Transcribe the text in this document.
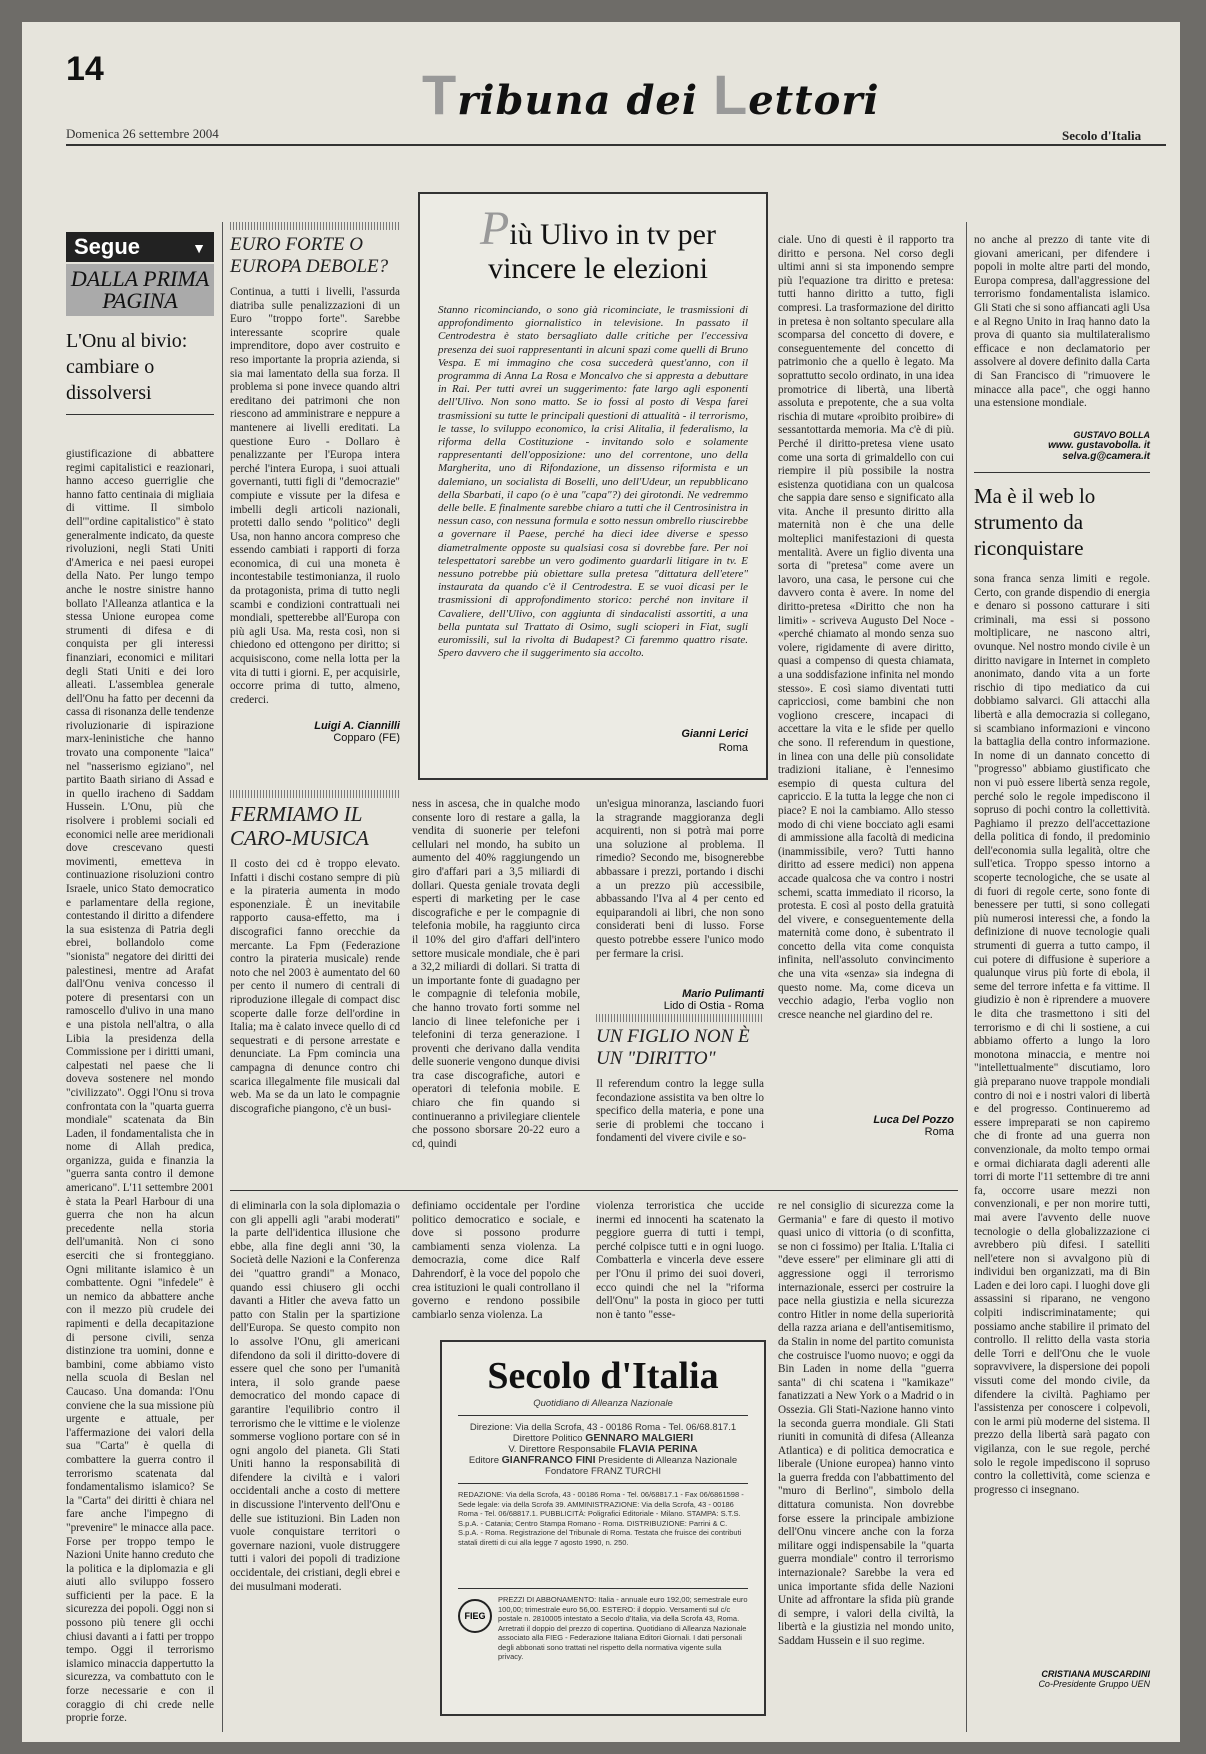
14	Tribuna dei Lettori
Domenica 26 settembre 2004	Secolo d'Italia
Segue	▼
DALLA PRIMA PAGINA
L'Onu al bivio: cambiare o dissolversi

giustificazione di abbattere regimi capitalistici e reazionari, hanno acceso guerriglie che hanno fatto centinaia di migliaia di vittime. Il simbolo dell'"ordine capitalistico" è stato generalmente indicato, da queste rivoluzioni, negli Stati Uniti d'America e nei paesi europei della Nato. Per lungo tempo anche le nostre sinistre hanno bollato l'Alleanza atlantica e la stessa Unione europea come strumenti di difesa e di conquista per gli interessi finanziari, economici e militari degli Stati Uniti e dei loro alleati. L'assemblea generale dell'Onu ha fatto per decenni da cassa di risonanza delle tendenze rivoluzionarie di ispirazione marx-leninistiche che hanno trovato una componente "laica" nel "nasserismo egiziano", nel partito Baath siriano di Assad e in quello iracheno di Saddam Hussein. L'Onu, più che risolvere i problemi sociali ed economici nelle aree meridionali dove crescevano questi movimenti, emetteva in continuazione risoluzioni contro Israele, unico Stato democratico e parlamentare della regione, contestando il diritto a difendere la sua esistenza di Patria degli ebrei, bollandolo come "sionista" negatore dei diritti dei palestinesi, mentre ad Arafat dall'Onu veniva concesso il potere di presentarsi con un ramoscello d'ulivo in una mano e una pistola nell'altra, o alla Libia la presidenza della Commissione per i diritti umani, calpestati nel paese che li doveva sostenere nel mondo "civilizzato". Oggi l'Onu si trova confrontata con la "quarta guerra mondiale" scatenata da Bin Laden, il fondamentalista che in nome di Allah predica, organizza, guida e finanzia la "guerra santa contro il demone americano". L'11 settembre 2001 è stata la Pearl Harbour di una guerra che non ha alcun precedente nella storia dell'umanità. Non ci sono eserciti che si fronteggiano. Ogni militante islamico è un combattente. Ogni "infedele" è un nemico da abbattere anche con il mezzo più crudele dei rapimenti e della decapitazione di persone civili, senza distinzione tra uomini, donne e bambini, come abbiamo visto nella scuola di Beslan nel Caucaso. Una domanda: l'Onu conviene che la sua missione più urgente e attuale, per l'affermazione dei valori della sua "Carta" è quella di combattere la guerra contro il terrorismo scatenata dal fondamentalismo islamico? Se la "Carta" dei diritti è chiara nel fare anche l'impegno di "prevenire" le minacce alla pace. Forse per troppo tempo le Nazioni Unite hanno creduto che la politica e la diplomazia e gli aiuti allo sviluppo fossero sufficienti per la pace. E la sicurezza dei popoli. Oggi non si possono più tenere gli occhi chiusi davanti a i fatti per troppo tempo. Oggi il terrorismo islamico minaccia dappertutto la sicurezza, va combattuto con le forze necessarie e con il coraggio di chi crede nelle proprie forze.

EURO FORTE O EUROPA DEBOLE?

Continua, a tutti i livelli, l'assurda diatriba sulle penalizzazioni di un Euro "troppo forte". Sarebbe interessante scoprire quale imprenditore, dopo aver costruito e reso importante la propria azienda, si sia mai lamentato della sua forza. Il problema si pone invece quando altri ereditano dei patrimoni che non riescono ad amministrare e neppure a mantenere ai livelli ereditati. La questione Euro - Dollaro è penalizzante per l'Europa intera perché l'intera Europa, i suoi attuali governanti, tutti figli di "democrazie" compiute e vissute per la difesa e imbelli degli articoli nazionali, protetti dallo sendo "politico" degli Usa, non hanno ancora compreso che essendo cambiati i rapporti di forza economica, di cui una moneta è incontestabile testimonianza, il ruolo da protagonista, prima di tutto negli scambi e condizioni contrattuali nei mondiali, spetterebbe all'Europa con più agli Usa. Ma, resta così, non si chiedono ed ottengono per diritto; si acquisiscono, come nella lotta per la vita di tutti i giorni. E, per acquisirle, occorre prima di tutto, almeno, crederci.

Luigi A. Ciannilli
Copparo (FE)
FERMIAMO IL CARO-MUSICA

Il costo dei cd è troppo elevato. Infatti i dischi costano sempre di più e la pirateria aumenta in modo esponenziale. È un inevitabile rapporto causa-effetto, ma i discografici fanno orecchie da mercante. La Fpm (Federazione contro la pirateria musicale) rende noto che nel 2003 è aumentato del 60 per cento il numero di centrali di riproduzione illegale di compact disc scoperte dalle forze dell'ordine in Italia; ma è calato invece quello di cd sequestrati e di persone arrestate e denunciate. La Fpm comincia una campagna di denunce contro chi scarica illegalmente file musicali dal web. Ma se da un lato le compagnie discografiche piangono, c'è un busi-

ness in ascesa, che in qualche modo consente loro di restare a galla, la vendita di suonerie per telefoni cellulari nel mondo, ha subito un aumento del 40% raggiungendo un giro d'affari pari a 3,5 miliardi di dollari. Questa geniale trovata degli esperti di marketing per le case discografiche e per le compagnie di telefonia mobile, ha raggiunto circa il 10% del giro d'affari dell'intero settore musicale mondiale, che è pari a 32,2 miliardi di dollari. Si tratta di un importante fonte di guadagno per le compagnie di telefonia mobile, che hanno trovato forti somme nel lancio di linee telefoniche per i telefonini di terza generazione. I proventi che derivano dalla vendita delle suonerie vengono dunque divisi tra case discografiche, autori e operatori di telefonia mobile. E chiaro che fin quando si continueranno a privilegiare clientele che possono sborsare 20-22 euro a cd, quindi

un'esigua minoranza, lasciando fuori la stragrande maggioranza degli acquirenti, non si potrà mai porre una soluzione al problema. Il rimedio? Secondo me, bisognerebbe abbassare i prezzi, portando i dischi a un prezzo più accessibile, abbassando l'Iva al 4 per cento ed equiparandoli ai libri, che non sono considerati beni di lusso. Forse questo potrebbe essere l'unico modo per fermare la crisi.

Mario Pulimanti
Lido di Ostia - Roma
Più Ulivo in tv per vincere le elezioni

Stanno ricominciando, o sono già ricominciate, le trasmissioni di approfondimento giornalistico in televisione. In passato il Centrodestra è stato bersagliato dalle critiche per l'eccessiva presenza dei suoi rappresentanti in alcuni spazi come quelli di Bruno Vespa. E mi immagino che cosa succederà quest'anno, con il programma di Anna La Rosa e Moncalvo che si appresta a debuttare in Rai. Per tutti avrei un suggerimento: fate largo agli esponenti dell'Ulivo. Non sono matto. Se io fossi al posto di Vespa farei trasmissioni su tutte le principali questioni di attualità - il terrorismo, le tasse, lo sviluppo economico, la crisi Alitalia, il federalismo, la riforma della Costituzione - invitando solo e solamente rappresentanti dell'opposizione: uno del correntone, uno della Margherita, uno di Rifondazione, un dissenso riformista e un dalemiano, un socialista di Boselli, uno dell'Udeur, un repubblicano della Sbarbati, il capo (o è una "capa"?) dei girotondi. Ne vedremmo delle belle. E finalmente sarebbe chiaro a tutti che il Centrosinistra in nessun caso, con nessuna formula e sotto nessun ombrello riuscirebbe a governare il Paese, perché ha dieci idee diverse e spesso diametralmente opposte su qualsiasi cosa si dovrebbe fare. Per noi telespettatori sarebbe un vero godimento guardarli litigare in tv. E nessuno potrebbe più obiettare sulla pretesa "dittatura dell'etere" instaurata da quando c'è il Centrodestra. E se vuoi dicasi per le trasmissioni di approfondimento storico: perché non invitare il Cavaliere, dell'Ulivo, con aggiunta di sindacalisti assortiti, a una bella puntata sul Trattato di Osimo, sugli scioperi in Fiat, sugli euromissili, sul la rivolta di Budapest? Ci faremmo quattro risate. Spero davvero che il suggerimento sia accolto.

Gianni Lerici
Roma
UN FIGLIO NON È UN "DIRITTO"

Il referendum contro la legge sulla fecondazione assistita va ben oltre lo specifico della materia, e pone una serie di problemi che toccano i fondamenti del vivere civile e so-

ciale. Uno di questi è il rapporto tra diritto e persona. Nel corso degli ultimi anni si sta imponendo sempre più l'equazione tra diritto e pretesa: tutti hanno diritto a tutto, figli compresi. La trasformazione del diritto in pretesa è non soltanto speculare alla scomparsa del concetto di dovere, e conseguentemente del concetto di patrimonio che a quello è legato. Ma soprattutto secolo ordinato, in una idea promotrice di libertà, una libertà assoluta e prepotente, che a sua volta rischia di mutare «proibito proibire» di sessantottarda memoria. Ma c'è di più. Perché il diritto-pretesa viene usato come una sorta di grimaldello con cui riempire il più possibile la nostra esistenza quotidiana con un qualcosa che sappia dare senso e significato alla vita. Anche il presunto diritto alla maternità non è che una delle molteplici manifestazioni di questa mentalità. Avere un figlio diventa una sorta di "pretesa" come avere un lavoro, una casa, le persone cui che davvero conta è avere. In nome del diritto-pretesa «Diritto che non ha limiti» - scriveva Augusto Del Noce - «perché chiamato al mondo senza suo volere, rigidamente di avere diritto, quasi a compenso di questa chiamata, a una soddisfazione infinita nel mondo stesso». E così siamo diventati tutti capricciosi, come bambini che non vogliono crescere, incapaci di accettare la vita e le sfide per quello che sono. Il referendum in questione, in linea con una delle più consolidate tradizioni italiane, è l'ennesimo esempio di questa cultura del capriccio. E la tutta la legge che non ci piace? E noi la cambiamo. Allo stesso modo di chi viene bocciato agli esami di ammissione alla facoltà di medicina (inammissibile, vero? Tutti hanno diritto ad essere medici) non appena accade qualcosa che va contro i nostri schemi, scatta immediato il ricorso, la protesta. E così al posto della gratuità del vivere, e conseguentemente della maternità come dono, è subentrato il concetto della vita come conquista infinita, nell'assoluto convincimento che una vita «senza» sia indegna di questo nome. Ma, come diceva un vecchio adagio, l'erba voglio non cresce neanche nel giardino del re.

Luca Del Pozzo
Roma

no anche al prezzo di tante vite di giovani americani, per difendere i popoli in molte altre parti del mondo, Europa compresa, dall'aggressione del terrorismo fondamentalista islamico. Gli Stati che si sono affiancati agli Usa e al Regno Unito in Iraq hanno dato la prova di quanto sia multilateralismo efficace e non declamatorio per assolvere al dovere definito dalla Carta di San Francisco di "rimuovere le minacce alla pace", che oggi hanno una estensione mondiale.

GUSTAVO BOLLA
www. gustavobolla. it
selva.g@camera.it
Ma è il web lo strumento da riconquistare

sona franca senza limiti e regole. Certo, con grande dispendio di energia e denaro si possono catturare i siti criminali, ma essi si possono moltiplicare, ne nascono altri, ovunque. Nel nostro mondo civile è un diritto navigare in Internet in completo anonimato, dando vita a un forte rischio di tipo mediatico da cui dobbiamo salvarci. Gli attacchi alla libertà e alla democrazia si collegano, si scambiano informazioni e vincono la battaglia della contro informazione. In nome di un dannato concetto di "progresso" abbiamo giustificato che non vi può essere libertà senza regole, perché solo le regole impediscono il sopruso di pochi contro la collettività. Paghiamo il prezzo dell'accettazione della politica di fondo, il predominio dell'economia sulla legalità, oltre che sull'etica. Troppo spesso intorno a scoperte tecnologiche, che se usate al di fuori di regole certe, sono fonte di benessere per tutti, si sono collegati più numerosi interessi che, a fondo la definizione di nuove tecnologie quali strumenti di guerra a tutto campo, il cui potere di diffusione è superiore a qualunque virus più forte di ebola, il seme del terrore infetta e fa vittime. Il giudizio è non è riprendere a muovere le dita che trasmettono i siti del terrorismo e di chi li sostiene, a cui abbiamo offerto a lungo la loro monotona minaccia, e mentre noi "intellettualmente" discutiamo, loro già preparano nuove trappole mondiali contro di noi e i nostri valori di libertà e del progresso. Continueremo ad essere impreparati se non capiremo che di fronte ad una guerra non convenzionale, da molto tempo ormai e ormai dichiarata dagli aderenti alle torri di morte l'11 settembre di tre anni fa, occorre usare mezzi non convenzionali, e per non morire tutti, mai avere l'avvento delle nuove tecnologie o della globalizzazione ci avrebbero più difesi. I satelliti nell'etere non si avvalgono più di individui ben organizzati, ma di Bin Laden e dei loro capi. I luoghi dove gli assassini si riparano, ne vengono colpiti indiscriminatamente; qui possiamo anche stabilire il primato del controllo. Il relitto della vasta storia delle Torri e dell'Onu che le vuole sopravvivere, la dispersione dei popoli vissuti come del mondo civile, da difendere la civiltà. Paghiamo per l'assistenza per conoscere i colpevoli, con le armi più moderne del sistema. Il prezzo della libertà sarà pagato con vigilanza, con le sue regole, perché solo le regole impediscono il sopruso contro la collettività, come scienza e progresso ci insegnano.

CRISTIANA MUSCARDINI
Co-Presidente Gruppo UEN

di eliminarla con la sola diplomazia o con gli appelli agli "arabi moderati" la parte dell'identica illusione che ebbe, alla fine degli anni '30, la Società delle Nazioni e la Conferenza dei "quattro grandi" a Monaco, quando essi chiusero gli occhi davanti a Hitler che aveva fatto un patto con Stalin per la spartizione dell'Europa. Se questo compito non lo assolve l'Onu, gli americani difendono da soli il diritto-dovere di essere quel che sono per l'umanità intera, il solo grande paese democratico del mondo capace di garantire l'equilibrio contro il terrorismo che le vittime e le violenze sommerse vogliono portare con sé in ogni angolo del pianeta. Gli Stati Uniti hanno la responsabilità di difendere la civiltà e i valori occidentali anche a costo di mettere in discussione l'intervento dell'Onu e delle sue istituzioni. Bin Laden non vuole conquistare territori o governare nazioni, vuole distruggere tutti i valori dei popoli di tradizione occidentale, dei cristiani, degli ebrei e dei musulmani moderati.

definiamo occidentale per l'ordine politico democratico e sociale, e dove si possono produrre cambiamenti senza violenza. La democrazia, come dice Ralf Dahrendorf, è la voce del popolo che crea istituzioni le quali controllano il governo e rendono possibile cambiarlo senza violenza. La

violenza terroristica che uccide inermi ed innocenti ha scatenato la peggiore guerra di tutti i tempi, perché colpisce tutti e in ogni luogo. Combatterla e vincerla deve essere per l'Onu il primo dei suoi doveri, ecco quindi che nel la "riforma dell'Onu" la posta in gioco per tutti non è tanto "esse-

re nel consiglio di sicurezza come la Germania" e fare di questo il motivo quasi unico di vittoria (o di sconfitta, se non ci fossimo) per Italia. L'Italia ci "deve essere" per eliminare gli atti di aggressione oggi il terrorismo internazionale, esserci per costruire la pace nella giustizia e nella sicurezza contro Hitler in nome della superiorità della razza ariana e dell'antisemitismo, da Stalin in nome del partito comunista che costruisce l'uomo nuovo; e oggi da Bin Laden in nome della "guerra santa" di chi scatena i "kamikaze" fanatizzati a New York o a Madrid o in Ossezia. Gli Stati-Nazione hanno vinto la seconda guerra mondiale. Gli Stati riuniti in comunità di difesa (Alleanza Atlantica) e di politica democratica e liberale (Unione europea) hanno vinto la guerra fredda con l'abbattimento del "muro di Berlino", simbolo della dittatura comunista. Non dovrebbe forse essere la principale ambizione dell'Onu vincere anche con la forza militare oggi indispensabile la "quarta guerra mondiale" contro il terrorismo internazionale? Sarebbe la vera ed unica importante sfida delle Nazioni Unite ad affrontare la sfida più grande di sempre, i valori della civiltà, la libertà e la giustizia nel mondo unito, Saddam Hussein e il suo regime.

Secolo d'Italia
Quotidiano di Alleanza Nazionale
Direzione: Via della Scrofa, 43 - 00186 Roma - Tel. 06/68.817.1
Direttore Politico GENNARO MALGIERI
V. Direttore Responsabile FLAVIA PERINA
Editore GIANFRANCO FINI Presidente di Alleanza Nazionale
Fondatore FRANZ TURCHI
REDAZIONE: Via della Scrofa, 43 - 00186 Roma - Tel. 06/68817.1 - Fax 06/6861598 - Sede legale: via della Scrofa 39. AMMINISTRAZIONE: Via della Scrofa, 43 - 00186 Roma - Tel. 06/68817.1. PUBBLICITÀ: Poligrafici Editoriale - Milano. STAMPA: S.T.S. S.p.A. - Catania; Centro Stampa Romano - Roma. DISTRIBUZIONE: Parrini & C. S.p.A. - Roma. Registrazione del Tribunale di Roma. Testata che fruisce dei contributi statali diretti di cui alla legge 7 agosto 1990, n. 250.
FIEG
PREZZI DI ABBONAMENTO: Italia - annuale euro 192,00; semestrale euro 100,00; trimestrale euro 56,00. ESTERO: il doppio. Versamenti sul c/c postale n. 2810005 intestato a Secolo d'Italia, via della Scrofa 43, Roma. Arretrati il doppio del prezzo di copertina. Quotidiano di Alleanza Nazionale associato alla FIEG - Federazione Italiana Editori Giornali. I dati personali degli abbonati sono trattati nel rispetto della normativa vigente sulla privacy.
